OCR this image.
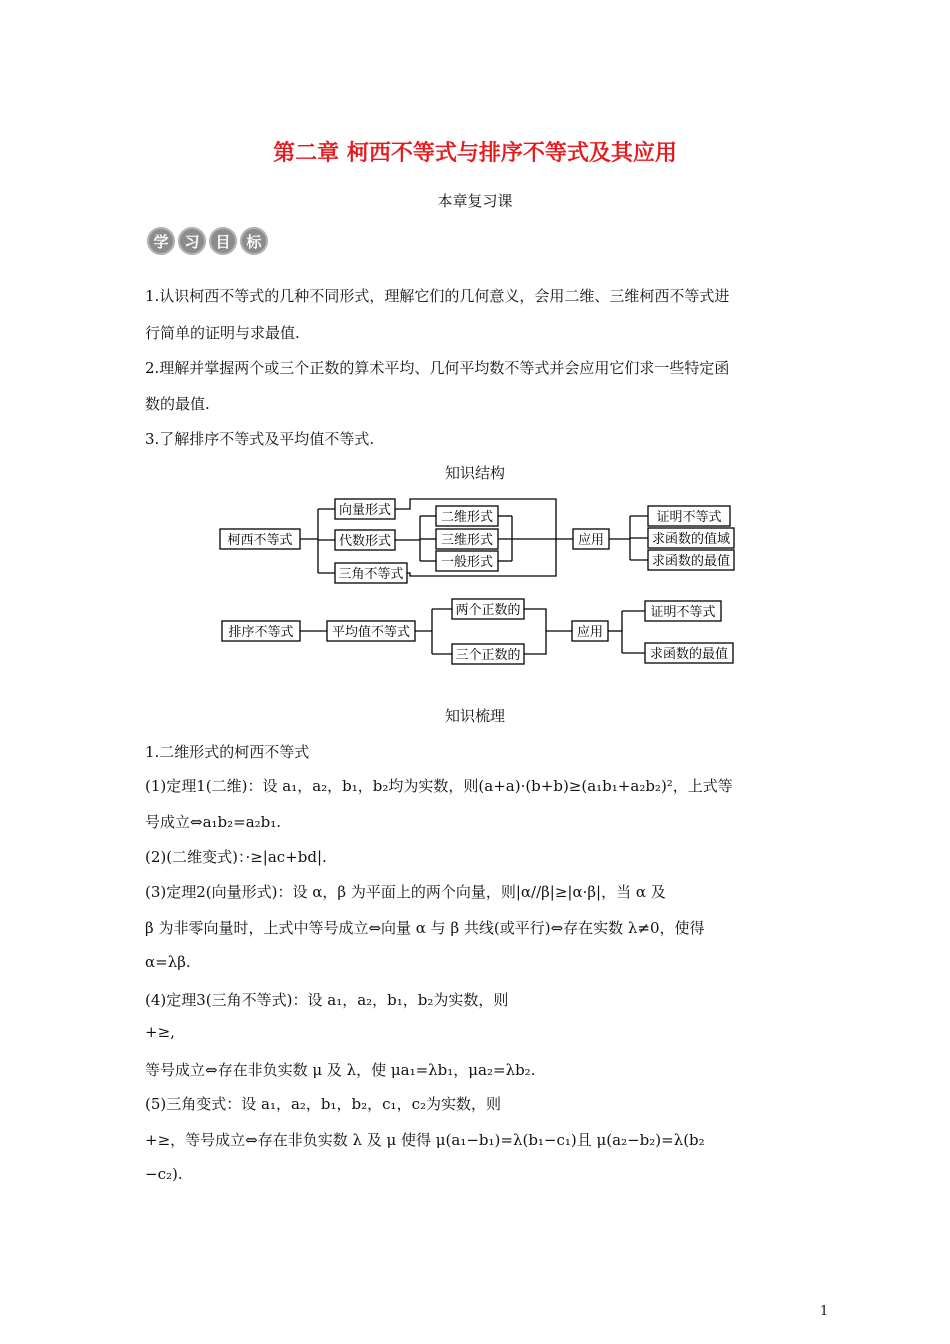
第二章 柯西不等式与排序不等式及其应用
本章复习课
学	习	目	标
1.认识柯西不等式的几种不同形式，理解它们的几何意义，会用二维、三维柯西不等式进
行简单的证明与求最值.
2.理解并掌握两个或三个正数的算术平均、几何平均数不等式并会应用它们求一些特定函
数的最值.
3.了解排序不等式及平均值不等式.
知识结构
柯西不等式
向量形式
代数形式
三角不等式
二维形式
三维形式
一般形式
应用
证明不等式
求函数的值域
求函数的最值
排序不等式	平均值不等式
两个正数的
三个正数的
应用
证明不等式
求函数的最值
知识梳理
1.二维形式的柯西不等式
(1)定理1(二维)：设 a₁，a₂，b₁，b₂均为实数，则(a+a)·(b+b)≥(a₁b₁+a₂b₂)²，上式等
号成立⇔a₁b₂=a₂b₁.
(2)(二维变式)：·≥|ac+bd|.
(3)定理2(向量形式)：设 α，β 为平面上的两个向量，则|α//β|≥|α·β|，当 α 及
β 为非零向量时，上式中等号成立⇔向量 α 与 β 共线(或平行)⇔存在实数 λ≠0，使得
α=λβ.
(4)定理3(三角不等式)：设 a₁，a₂，b₁，b₂为实数，则
+≥,
等号成立⇔存在非负实数 μ 及 λ，使 μa₁=λb₁，μa₂=λb₂.
(5)三角变式：设 a₁，a₂，b₁，b₂，c₁，c₂为实数，则
+≥，等号成立⇔存在非负实数 λ 及 μ 使得 μ(a₁−b₁)=λ(b₁−c₁)且 μ(a₂−b₂)=λ(b₂
−c₂).
1
